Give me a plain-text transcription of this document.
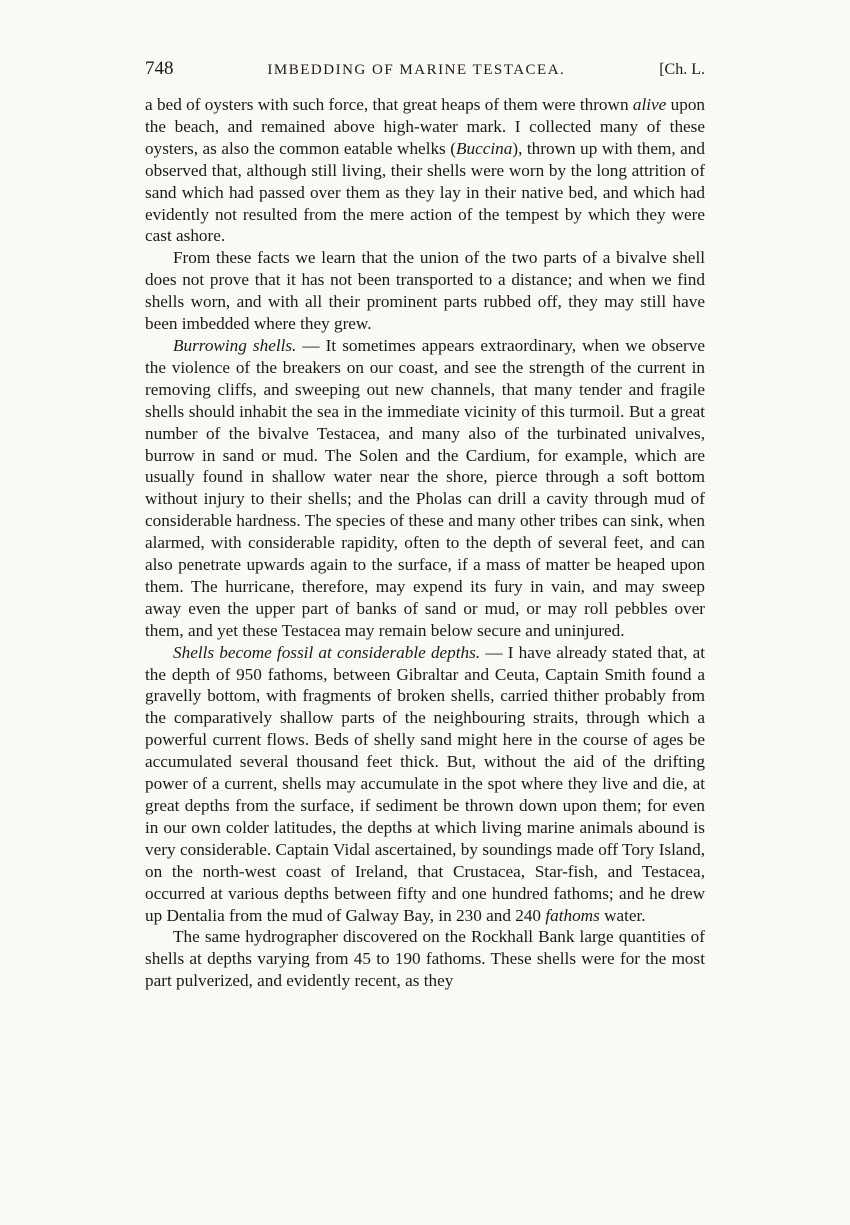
748	IMBEDDING OF MARINE TESTACEA.	[Ch. L.

a bed of oysters with such force, that great heaps of them were thrown alive upon the beach, and remained above high-water mark. I collected many of these oysters, as also the common eatable whelks (Buccina), thrown up with them, and observed that, although still living, their shells were worn by the long attrition of sand which had passed over them as they lay in their native bed, and which had evidently not resulted from the mere action of the tempest by which they were cast ashore.

From these facts we learn that the union of the two parts of a bivalve shell does not prove that it has not been transported to a distance; and when we find shells worn, and with all their prominent parts rubbed off, they may still have been imbedded where they grew.

Burrowing shells. — It sometimes appears extraordinary, when we observe the violence of the breakers on our coast, and see the strength of the current in removing cliffs, and sweeping out new channels, that many tender and fragile shells should inhabit the sea in the immediate vicinity of this turmoil. But a great number of the bivalve Testacea, and many also of the turbinated univalves, burrow in sand or mud. The Solen and the Cardium, for example, which are usually found in shallow water near the shore, pierce through a soft bottom without injury to their shells; and the Pholas can drill a cavity through mud of considerable hardness. The species of these and many other tribes can sink, when alarmed, with considerable rapidity, often to the depth of several feet, and can also penetrate upwards again to the surface, if a mass of matter be heaped upon them. The hurricane, therefore, may expend its fury in vain, and may sweep away even the upper part of banks of sand or mud, or may roll pebbles over them, and yet these Testacea may remain below secure and uninjured.

Shells become fossil at considerable depths. — I have already stated that, at the depth of 950 fathoms, between Gibraltar and Ceuta, Captain Smith found a gravelly bottom, with fragments of broken shells, carried thither probably from the comparatively shallow parts of the neighbouring straits, through which a powerful current flows. Beds of shelly sand might here in the course of ages be accumulated several thousand feet thick. But, without the aid of the drifting power of a current, shells may accumulate in the spot where they live and die, at great depths from the surface, if sediment be thrown down upon them; for even in our own colder latitudes, the depths at which living marine animals abound is very considerable. Captain Vidal ascertained, by soundings made off Tory Island, on the north-west coast of Ireland, that Crustacea, Star-fish, and Testacea, occurred at various depths between fifty and one hundred fathoms; and he drew up Dentalia from the mud of Galway Bay, in 230 and 240 fathoms water.

The same hydrographer discovered on the Rockhall Bank large quantities of shells at depths varying from 45 to 190 fathoms. These shells were for the most part pulverized, and evidently recent, as they
